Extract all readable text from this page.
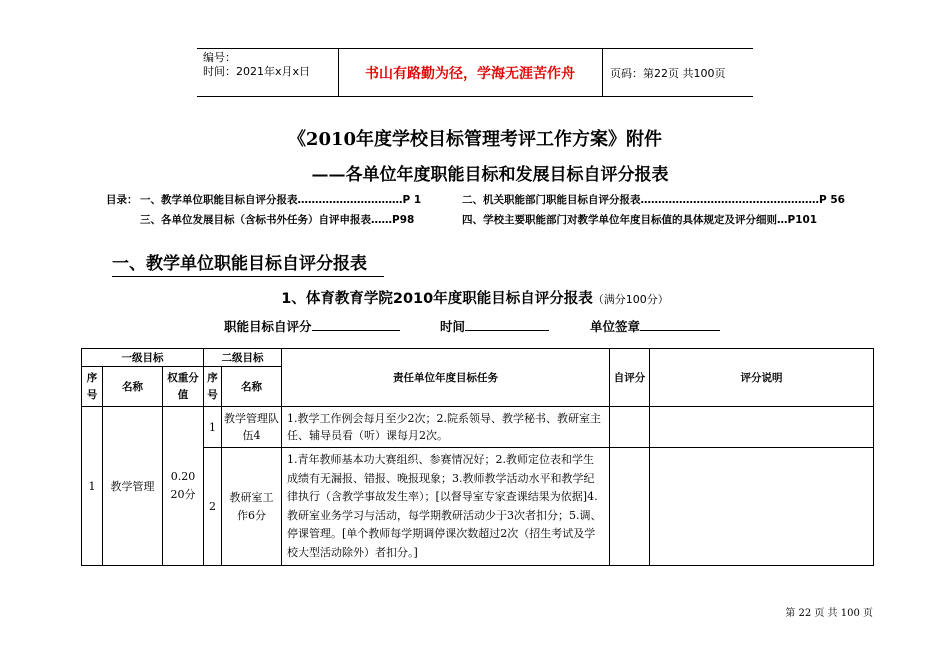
编号：
时间：2021年x月x日	书山有路勤为径，学海无涯苦作舟	页码：第22页 共100页
《2010年度学校目标管理考评工作方案》附件
——各单位年度职能目标和发展目标自评分报表
目录： 一、教学单位职能目标自评分报表…………………………P 1	二、机关职能部门职能目标自评分报表……………………………………………P 56
三、各单位发展目标（含标书外任务）自评申报表……P98	四、学校主要职能部门对教学单位年度目标值的具体规定及评分细则…P101
一、教学单位职能目标自评分报表
1、体育教育学院2010年度职能目标自评分报表（满分100分）
职能目标自评分	时间	单位签章
一级目标			二级目标		责任单位年度目标任务	自评分	评分说明
序号	名称	权重分值	序号	名称			
1	教学管理	0.20 20分	1	教学管理队伍4	1.教学工作例会每月至少2次；2.院系领导、教学秘书、教研室主任、辅导员看（听）课每月2次。		
			2	教研室工作6分	1.青年教师基本功大赛组织、参赛情况好；2.教师定位表和学生成绩有无漏报、错报、晚报现象；3.教师教学活动水平和教学纪律执行（含教学事故发生率）；[以督导室专家查课结果为依据]4.教研室业务学习与活动，每学期教研活动少于3次者扣分；5.调、停课管理。[单个教师每学期调停课次数超过2次（招生考试及学校大型活动除外）者扣分。]		
第 22 页 共 100 页
